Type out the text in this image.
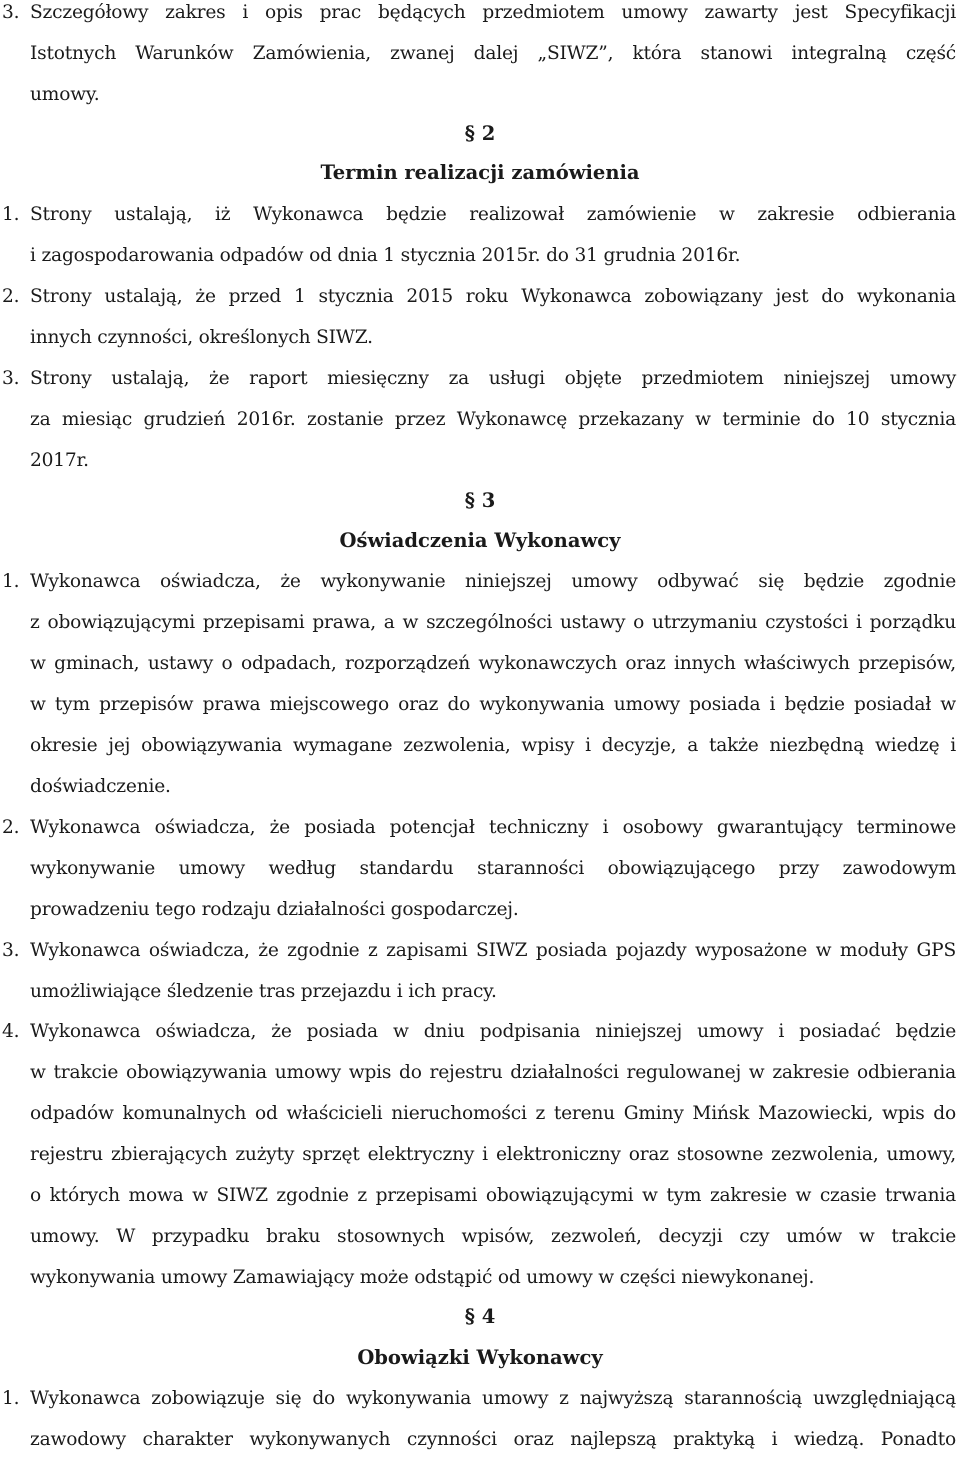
3. Szczegółowy zakres i opis prac będących przedmiotem umowy zawarty jest Specyfikacji
Istotnych Warunków Zamówienia, zwanej dalej „SIWZ”, która stanowi integralną część
umowy.
§ 2
Termin realizacji zamówienia
1. Strony ustalają, iż Wykonawca będzie realizował zamówienie w zakresie odbierania
i zagospodarowania odpadów od dnia 1 stycznia 2015r. do 31 grudnia 2016r.
2. Strony ustalają, że przed 1 stycznia 2015 roku Wykonawca zobowiązany jest do wykonania
innych czynności, określonych SIWZ.
3. Strony ustalają, że raport miesięczny za usługi objęte przedmiotem niniejszej umowy
za miesiąc grudzień 2016r. zostanie przez Wykonawcę przekazany w terminie do 10 stycznia
2017r.
§ 3
Oświadczenia Wykonawcy
1. Wykonawca oświadcza, że wykonywanie niniejszej umowy odbywać się będzie zgodnie
z obowiązującymi przepisami prawa, a w szczególności ustawy o utrzymaniu czystości i porządku
w gminach, ustawy o odpadach, rozporządzeń wykonawczych oraz innych właściwych przepisów,
w tym przepisów prawa miejscowego oraz do wykonywania umowy posiada i będzie posiadał w
okresie jej obowiązywania wymagane zezwolenia, wpisy i decyzje, a także niezbędną wiedzę i
doświadczenie.
2. Wykonawca oświadcza, że posiada potencjał techniczny i osobowy gwarantujący terminowe
wykonywanie umowy według standardu staranności obowiązującego przy zawodowym
prowadzeniu tego rodzaju działalności gospodarczej.
3. Wykonawca oświadcza, że zgodnie z zapisami SIWZ posiada pojazdy wyposażone w moduły GPS
umożliwiające śledzenie tras przejazdu i ich pracy.
4. Wykonawca oświadcza, że posiada w dniu podpisania niniejszej umowy i posiadać będzie
w trakcie obowiązywania umowy wpis do rejestru działalności regulowanej w zakresie odbierania
odpadów komunalnych od właścicieli nieruchomości z terenu Gminy Mińsk Mazowiecki, wpis do
rejestru zbierających zużyty sprzęt elektryczny i elektroniczny oraz stosowne zezwolenia, umowy,
o których mowa w SIWZ zgodnie z przepisami obowiązującymi w tym zakresie w czasie trwania
umowy. W przypadku braku stosownych wpisów, zezwoleń, decyzji czy umów w trakcie
wykonywania umowy Zamawiający może odstąpić od umowy w części niewykonanej.
§ 4
Obowiązki Wykonawcy
1. Wykonawca zobowiązuje się do wykonywania umowy z najwyższą starannością uwzględniającą
zawodowy charakter wykonywanych czynności oraz najlepszą praktyką i wiedzą. Ponadto
